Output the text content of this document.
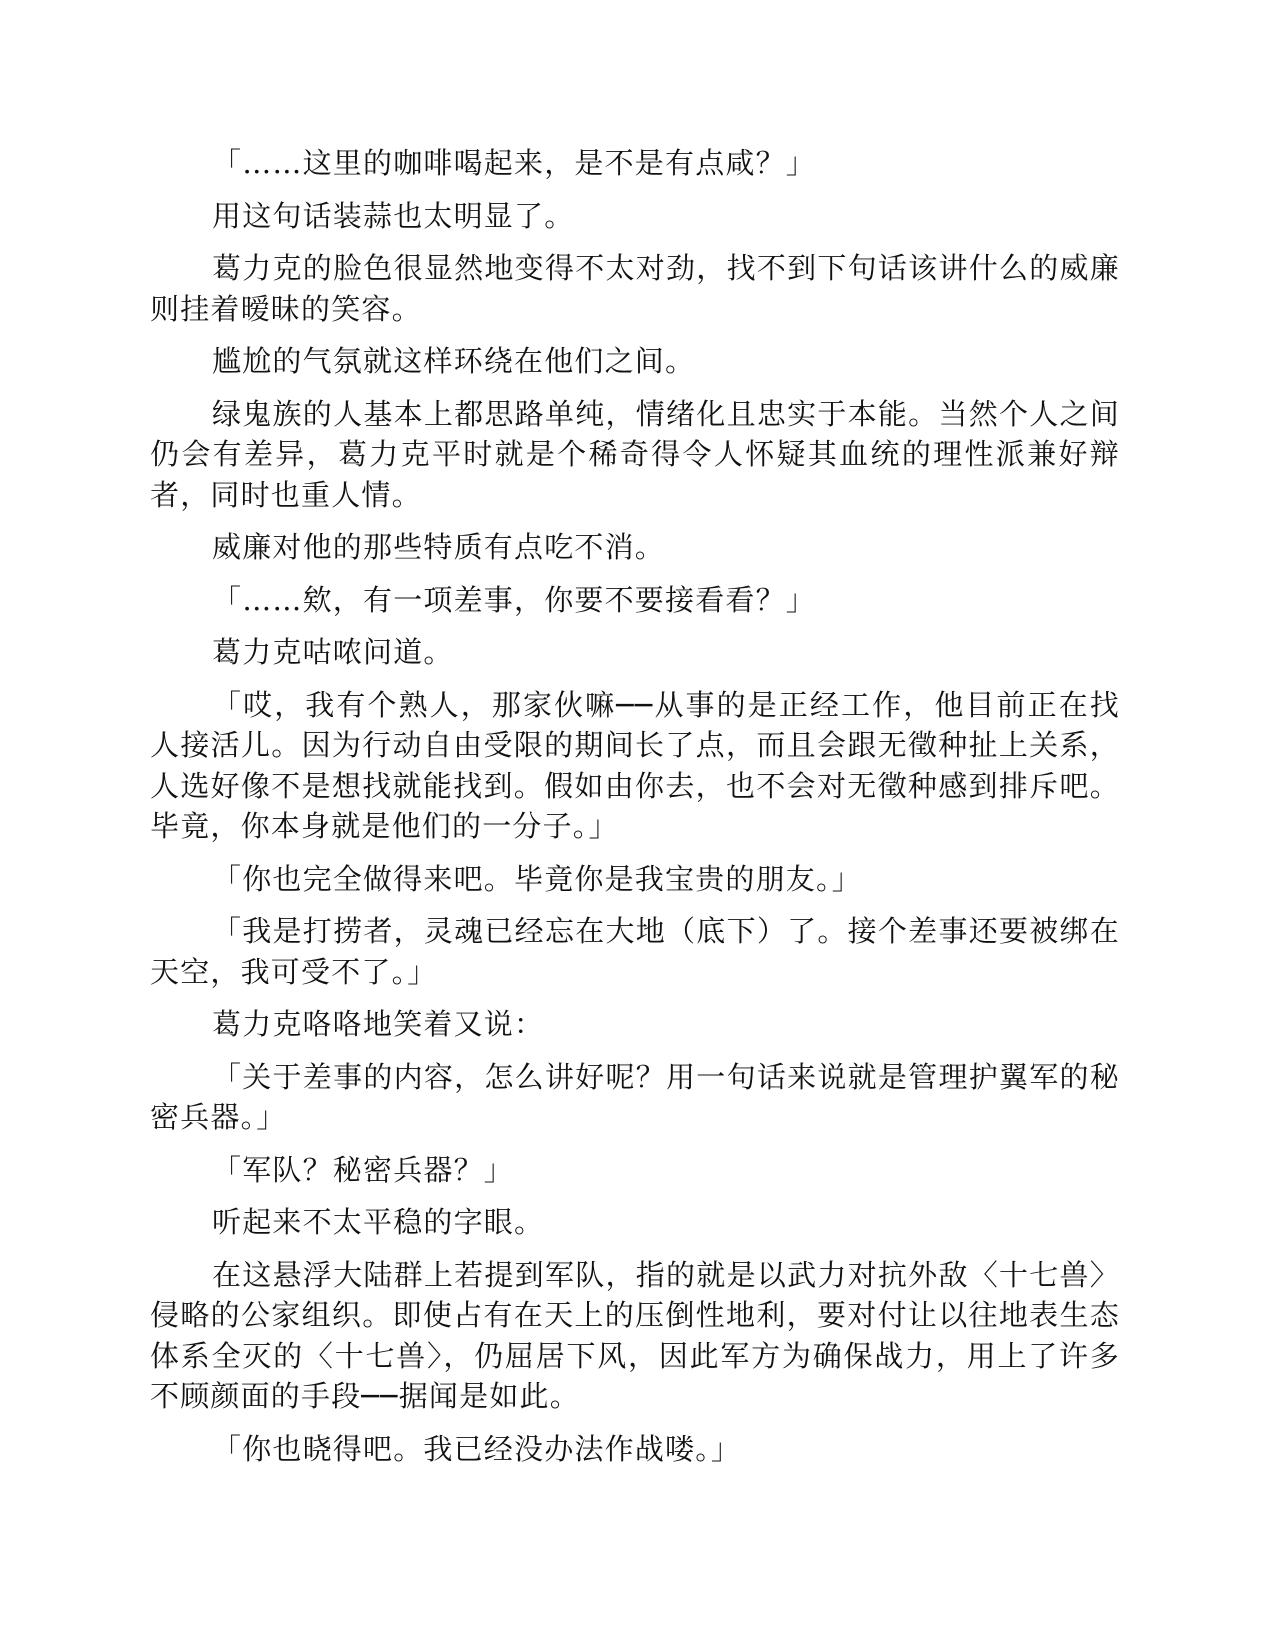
「……这里的咖啡喝起来，是不是有点咸？」

用这句话装蒜也太明显了。

葛力克的脸色很显然地变得不太对劲，找不到下句话该讲什么的威廉则挂着暧昧的笑容。

尴尬的气氛就这样环绕在他们之间。

绿鬼族的人基本上都思路单纯，情绪化且忠实于本能。当然个人之间仍会有差异，葛力克平时就是个稀奇得令人怀疑其血统的理性派兼好辩者，同时也重人情。

威廉对他的那些特质有点吃不消。

「……欸，有一项差事，你要不要接看看？」

葛力克咕哝问道。

「哎，我有个熟人，那家伙嘛──从事的是正经工作，他目前正在找人接活儿。因为行动自由受限的期间长了点，而且会跟无徵种扯上关系，人选好像不是想找就能找到。假如由你去，也不会对无徵种感到排斥吧。毕竟，你本身就是他们的一分子。」

「你也完全做得来吧。毕竟你是我宝贵的朋友。」

「我是打捞者，灵魂已经忘在大地（底下）了。接个差事还要被绑在天空，我可受不了。」

葛力克咯咯地笑着又说：

「关于差事的内容，怎么讲好呢？用一句话来说就是管理护翼军的秘密兵器。」

「军队？秘密兵器？」

听起来不太平稳的字眼。

在这悬浮大陆群上若提到军队，指的就是以武力对抗外敌〈十七兽〉侵略的公家组织。即使占有在天上的压倒性地利，要对付让以往地表生态体系全灭的〈十七兽〉，仍屈居下风，因此军方为确保战力，用上了许多不顾颜面的手段──据闻是如此。

「你也晓得吧。我已经没办法作战喽。」
